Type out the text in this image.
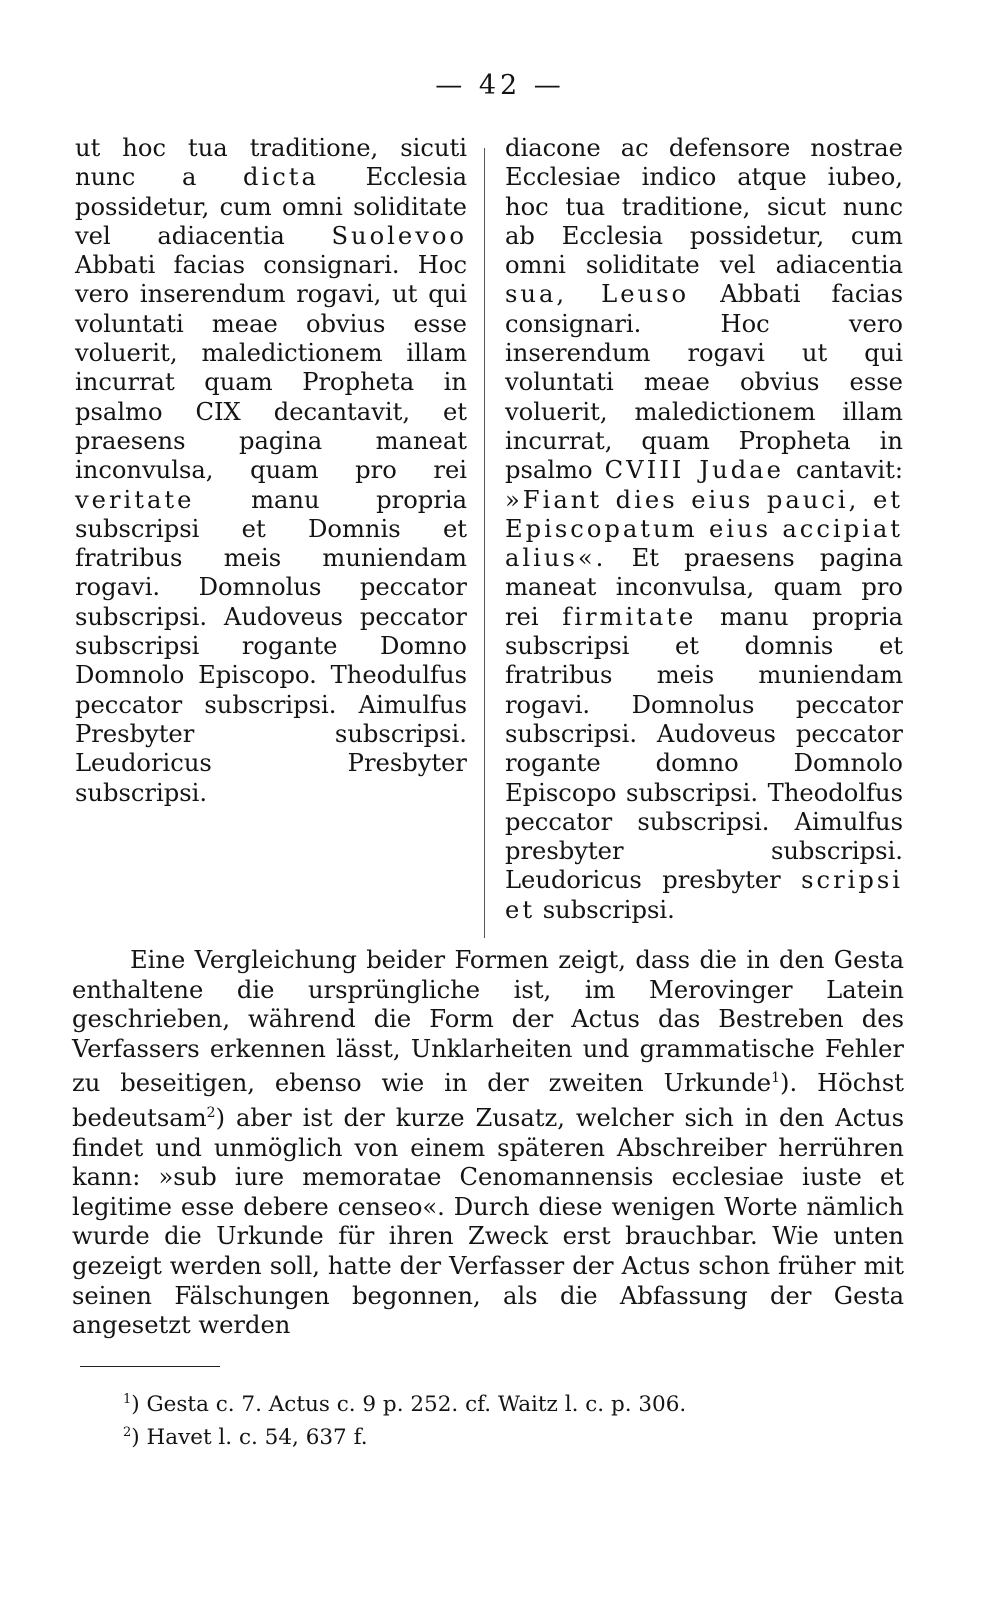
— 42 —
ut hoc tua traditione, sicuti nunc a dicta Ecclesia possidetur, cum omni soliditate vel adiacentia Suolevoo Abbati facias consignari. Hoc vero inserendum rogavi, ut qui voluntati meae obvius esse voluerit, maledictionem illam incurrat quam Propheta in psalmo CIX decantavit, et praesens pagina maneat inconvulsa, quam pro rei veritate manu propria subscripsi et Domnis et fratribus meis muniendam rogavi. Domnolus peccator subscripsi. Audoveus peccator subscripsi rogante Domno Domnolo Episcopo. Theodulfus peccator subscripsi. Aimulfus Presbyter subscripsi. Leudoricus Presbyter subscripsi.
diacone ac defensore nostrae Ecclesiae indico atque iubeo, hoc tua traditione, sicut nunc ab Ecclesia possidetur, cum omni soliditate vel adiacentia sua, Leuso Abbati facias consignari. Hoc vero inserendum rogavi ut qui voluntati meae obvius esse voluerit, maledictionem illam incurrat, quam Propheta in psalmo CVIII Judae cantavit: »Fiant dies eius pauci, et Episcopatum eius accipiat alius«. Et praesens pagina maneat inconvulsa, quam pro rei firmitate manu propria subscripsi et domnis et fratribus meis muniendam rogavi. Domnolus peccator subscripsi. Audoveus peccator rogante domno Domnolo Episcopo subscripsi. Theodolfus peccator subscripsi. Aimulfus presbyter subscripsi. Leudoricus presbyter scripsi et subscripsi.
Eine Vergleichung beider Formen zeigt, dass die in den Gesta enthaltene die ursprüngliche ist, im Merovinger Latein geschrieben, während die Form der Actus das Bestreben des Verfassers erkennen lässt, Unklarheiten und grammatische Fehler zu beseitigen, ebenso wie in der zweiten Urkunde$^1$). Höchst bedeutsam$^2$) aber ist der kurze Zusatz, welcher sich in den Actus findet und unmöglich von einem späteren Abschreiber herrühren kann: »sub iure memoratae Cenomannensis ecclesiae iuste et legitime esse debere censeo«. Durch diese wenigen Worte nämlich wurde die Urkunde für ihren Zweck erst brauchbar. Wie unten gezeigt werden soll, hatte der Verfasser der Actus schon früher mit seinen Fälschungen begonnen, als die Abfassung der Gesta angesetzt werden
$^1$) Gesta c. 7. Actus c. 9 p. 252. cf. Waitz l. c. p. 306.
$^2$) Havet l. c. 54, 637 f.
